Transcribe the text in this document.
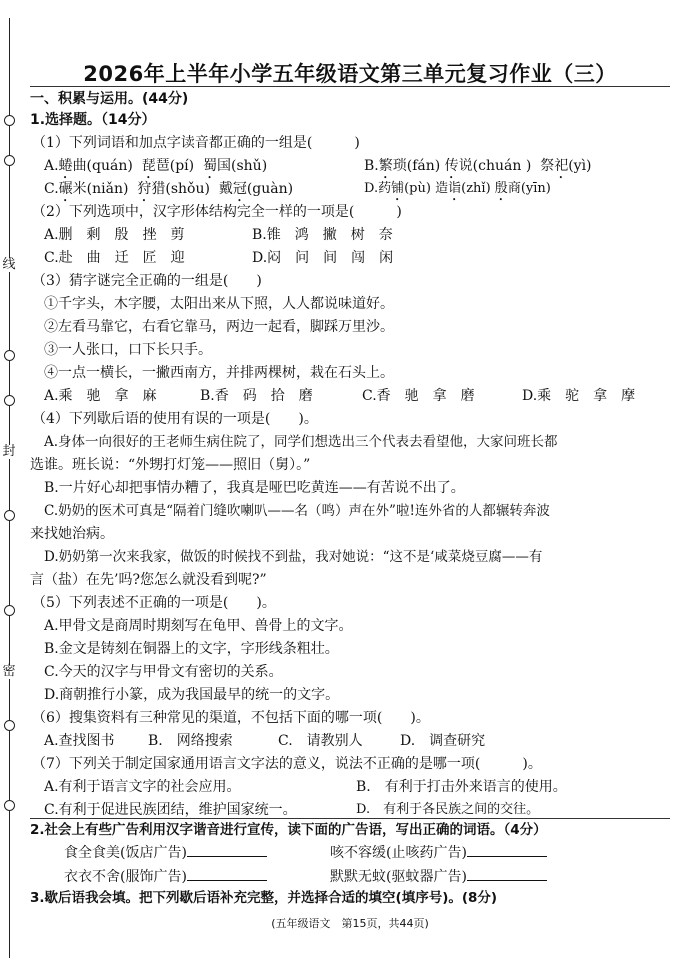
线
封
密
2026年上半年小学五年级语文第三单元复习作业（三）
一、积累与运用。(44分)
1.选择题。（14分）
（1）下列词语和加点字读音都正确的一组是(　　　)
A.蜷曲(quán) 琵琶(pí) 蜀国(shǔ)	B.繁琐(fán) 传说(chuán ) 祭祀(yì)
C.碾米(niǎn) 狩猎(shǒu) 戴冠(guàn)	D.药铺(pù) 造诣(zhǐ) 殷商(yīn)
（2）下列选项中，汉字形体结构完全一样的一项是(　　　)
A.删　剩　殷　挫　剪	B.锥　鸿　撇　树　奈
C.赴　曲　迁　匠　迎	D.闷　问　间　闯　闲
（3）猜字谜完全正确的一组是(　　)
①千字头，木字腰，太阳出来从下照，人人都说味道好。
②左看马靠它，右看它靠马，两边一起看，脚踩万里沙。
③一人张口，口下长只手。
④一点一横长，一撇西南方，并排两棵树，栽在石头上。
A.乘　驰　拿　麻	B.香　码　拾　磨	C.香　驰　拿　磨	D.乘　驼　拿　摩
（4）下列歇后语的使用有误的一项是(　　)。
A.身体一向很好的王老师生病住院了，同学们想选出三个代表去看望他，大家问班长都
选谁。班长说：“外甥打灯笼——照旧（舅）。”
B.一片好心却把事情办糟了，我真是哑巴吃黄连——有苦说不出了。
C.奶奶的医术可真是“隔着门缝吹喇叭——名（鸣）声在外”啦!连外省的人都辗转奔波
来找她治病。
D.奶奶第一次来我家，做饭的时候找不到盐，我对她说：“这不是‘咸菜烧豆腐——有
言（盐）在先’吗?您怎么就没看到呢?”
（5）下列表述不正确的一项是(　　)。
A.甲骨文是商周时期刻写在龟甲、兽骨上的文字。
B.金文是铸刻在铜器上的文字，字形线条粗壮。
C.今天的汉字与甲骨文有密切的关系。
D.商朝推行小篆，成为我国最早的统一的文字。
（6）搜集资料有三种常见的渠道，不包括下面的哪一项(　　)。
A.查找图书 B.　网络搜索	C.　请教别人	D.　调查研究
（7）下列关于制定国家通用语言文字法的意义，说法不正确的是哪一项(　　　)。
A.有利于语言文字的社会应用。	B.　有利于打击外来语言的使用。
C.有利于促进民族团结，维护国家统一。	D.　有利于各民族之间的交往。
2.社会上有些广告利用汉字谐音进行宣传，读下面的广告语，写出正确的词语。（4分）
食全食美(饭店广告)	咳不容缓(止咳药广告)
衣衣不舍(服饰广告)	默默无蚊(驱蚊器广告)
3.歇后语我会填。把下列歇后语补充完整，并选择合适的填空(填序号)。(8分)
(五年级语文　第15页，共44页)
